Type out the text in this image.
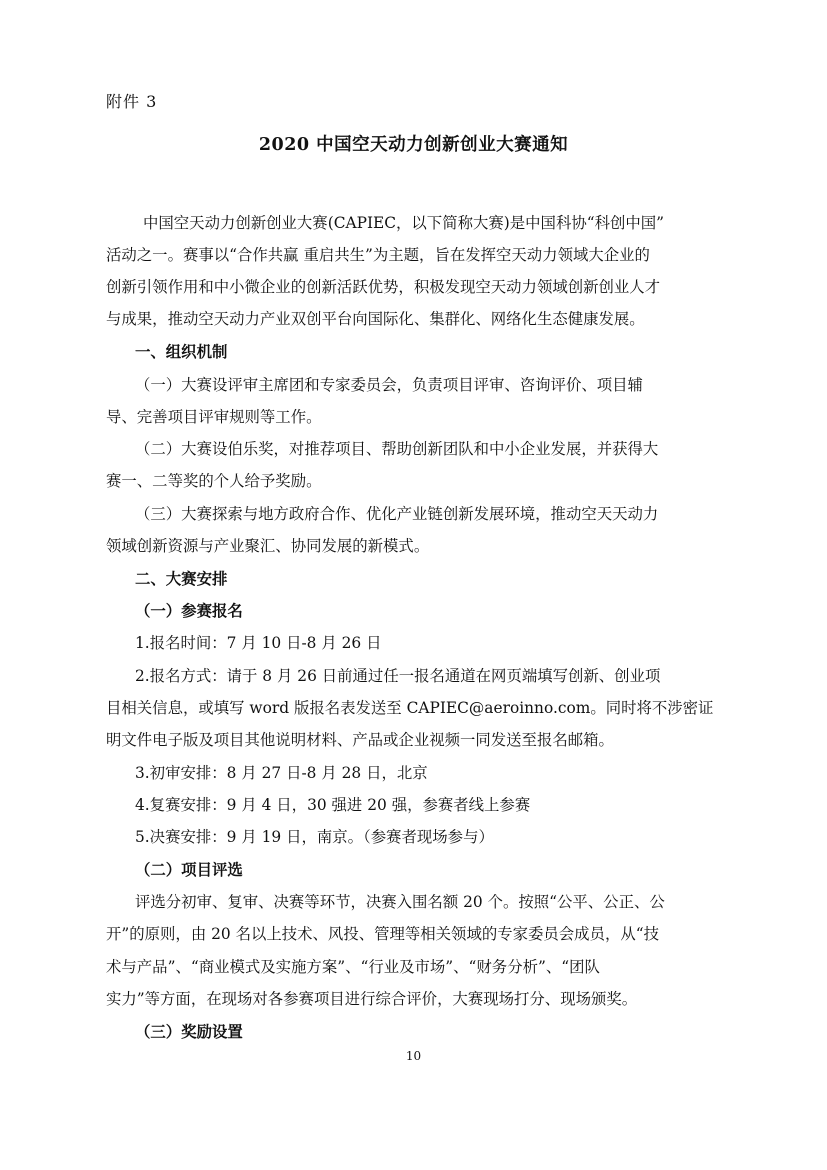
附件 3
2020 中国空天动力创新创业大赛通知
中国空天动力创新创业大赛(CAPIEC，以下简称大赛)是中国科协“科创中国”
活动之一。赛事以“合作共赢 重启共生”为主题，旨在发挥空天动力领域大企业的
创新引领作用和中小微企业的创新活跃优势，积极发现空天动力领域创新创业人才
与成果，推动空天动力产业双创平台向国际化、集群化、网络化生态健康发展。
一、组织机制
（一）大赛设评审主席团和专家委员会，负责项目评审、咨询评价、项目辅
导、完善项目评审规则等工作。
（二）大赛设伯乐奖，对推荐项目、帮助创新团队和中小企业发展，并获得大
赛一、二等奖的个人给予奖励。
（三）大赛探索与地方政府合作、优化产业链创新发展环境，推动空天天动力
领域创新资源与产业聚汇、协同发展的新模式。
二、大赛安排
（一）参赛报名
1.报名时间：7 月 10 日-8 月 26 日
2.报名方式：请于 8 月 26 日前通过任一报名通道在网页端填写创新、创业项
目相关信息，或填写 word 版报名表发送至 CAPIEC@aeroinno.com。同时将不涉密证
明文件电子版及项目其他说明材料、产品或企业视频一同发送至报名邮箱。
3.初审安排：8 月 27 日-8 月 28 日，北京
4.复赛安排：9 月 4 日，30 强进 20 强，参赛者线上参赛
5.决赛安排：9 月 19 日，南京。（参赛者现场参与）
（二）项目评选
评选分初审、复审、决赛等环节，决赛入围名额 20 个。按照“公平、公正、公
开”的原则，由 20 名以上技术、风投、管理等相关领域的专家委员会成员，从“技
术与产品”、“商业模式及实施方案”、“行业及市场”、“财务分析”、“团队
实力”等方面，在现场对各参赛项目进行综合评价，大赛现场打分、现场颁奖。
（三）奖励设置
10
